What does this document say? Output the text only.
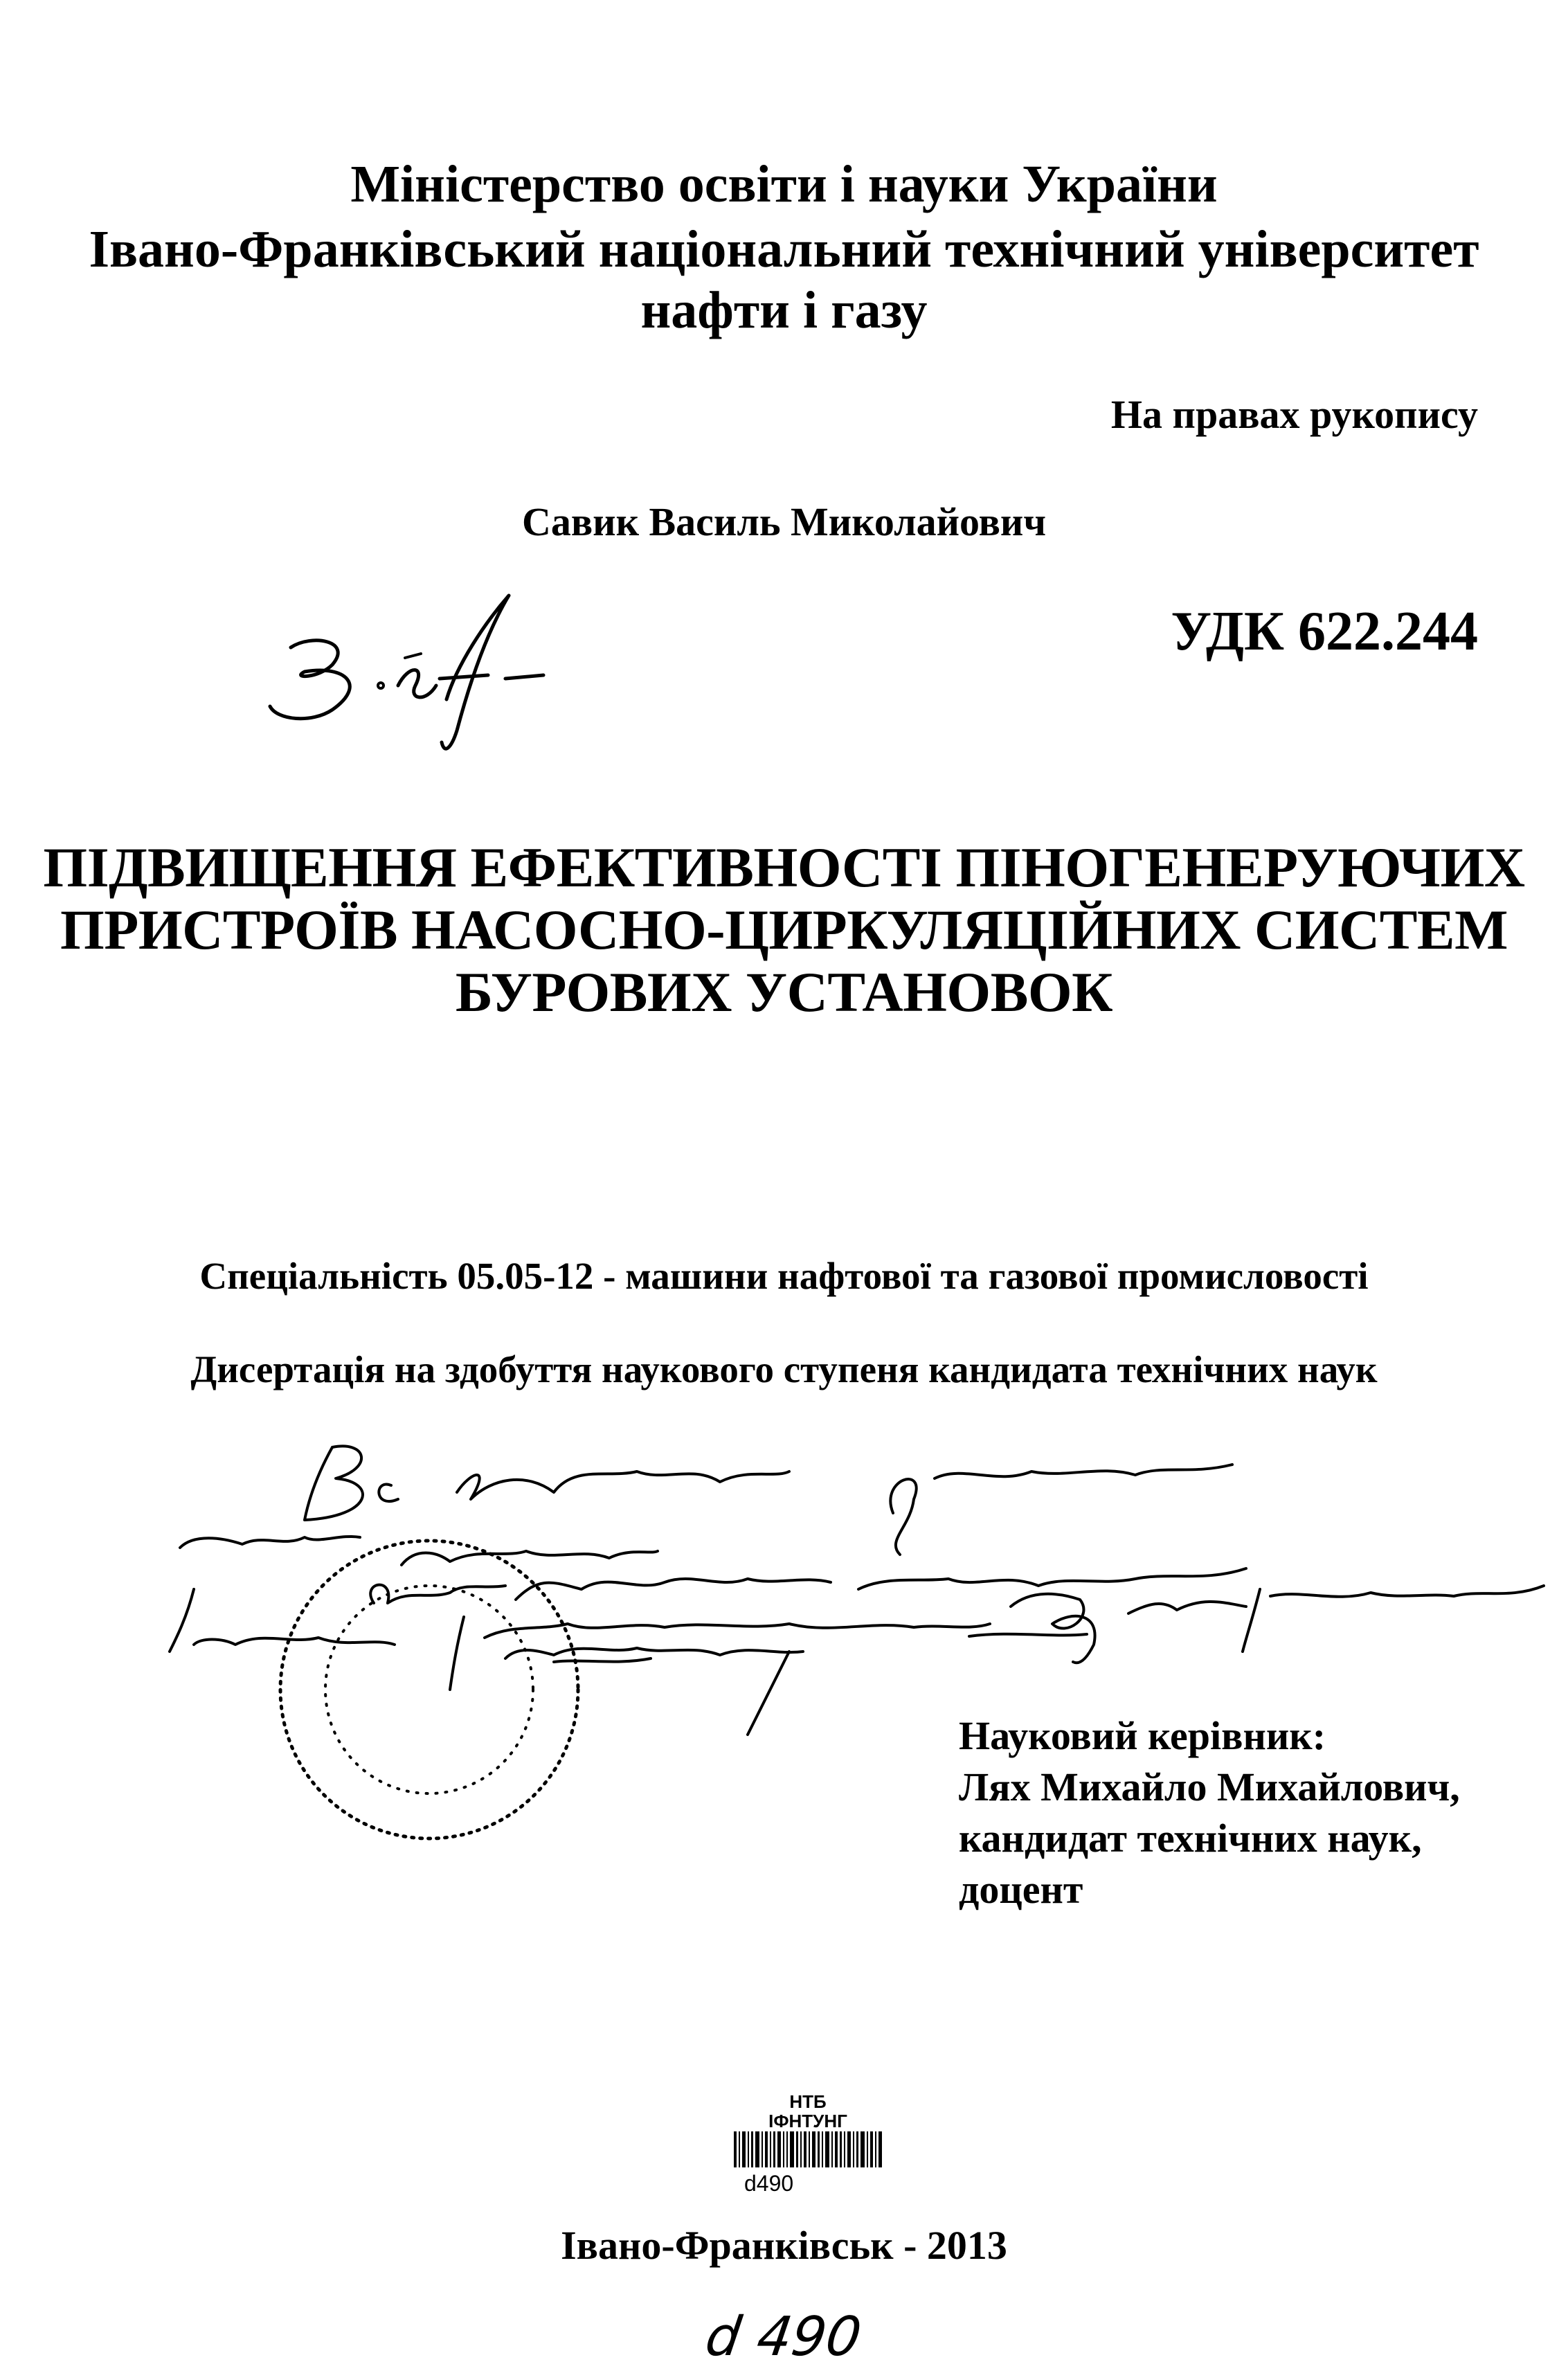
Міністерство освіти і науки України
Івано-Франківський національний технічний університет
нафти і газу
На правах рукопису
Савик Василь Миколайович
УДК 622.244
ПІДВИЩЕННЯ ЕФЕКТИВНОСТІ ПІНОГЕНЕРУЮЧИХ
ПРИСТРОЇВ НАСОСНО-ЦИРКУЛЯЦІЙНИХ СИСТЕМ
БУРОВИХ УСТАНОВОК
Спеціальність 05.05-12 - машини нафтової та газової промисловості
Дисертація на здобуття наукового ступеня кандидата технічних наук
Науковий керівник:
Лях Михайло Михайлович,
кандидат технічних наук,
доцент
НТБ
ІФНТУНГ
d490
Івано-Франківськ - 2013
d 490
